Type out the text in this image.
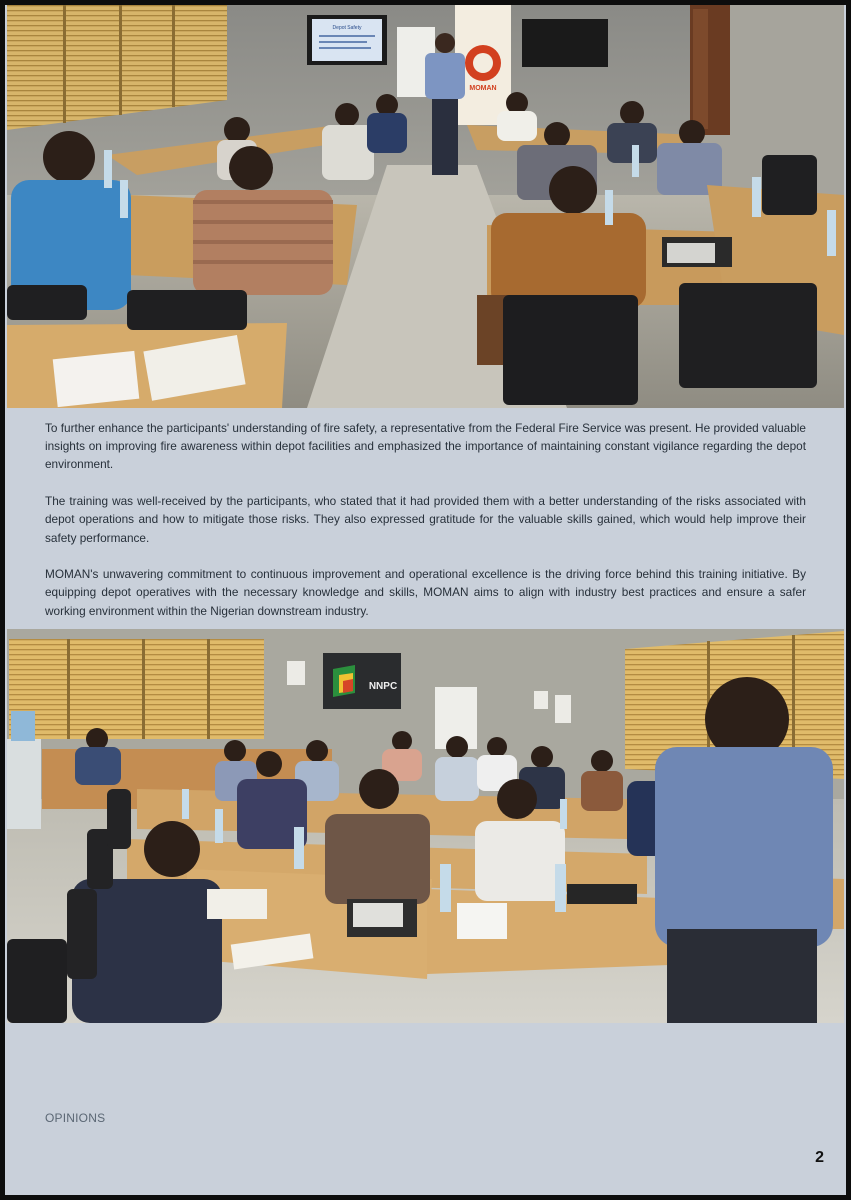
Depot Safety
MOMAN

To further enhance the participants' understanding of fire safety, a representative from the Federal Fire Service was present. He provided valuable insights on improving fire awareness within depot facilities and emphasized the importance of maintaining constant vigilance regarding the depot environment.

The training was well-received by the participants, who stated that it had provided them with a better understanding of the risks associated with depot operations and how to mitigate those risks. They also expressed gratitude for the valuable skills gained, which would help improve their safety performance.

MOMAN's unwavering commitment to continuous improvement and operational excellence is the driving force behind this training initiative. By equipping depot operatives with the necessary knowledge and skills, MOMAN aims to align with industry best practices and ensure a safer working environment within the Nigerian downstream industry.

NNPC
OPINIONS
2
